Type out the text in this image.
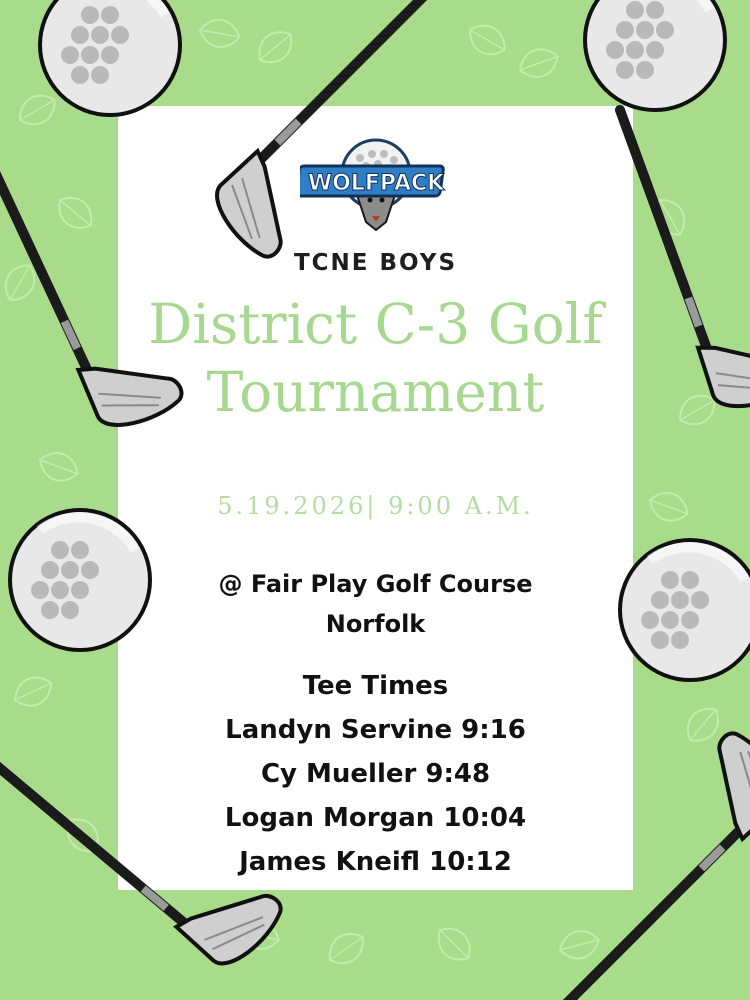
WOLFPACK
TCNE BOYS
District C-3 Golf
Tournament
5.19.2026| 9:00 A.M.
@ Fair Play Golf Course
Norfolk
Tee Times
Landyn Servine 9:16
Cy Mueller 9:48
Logan Morgan 10:04
James Kneifl 10:12
